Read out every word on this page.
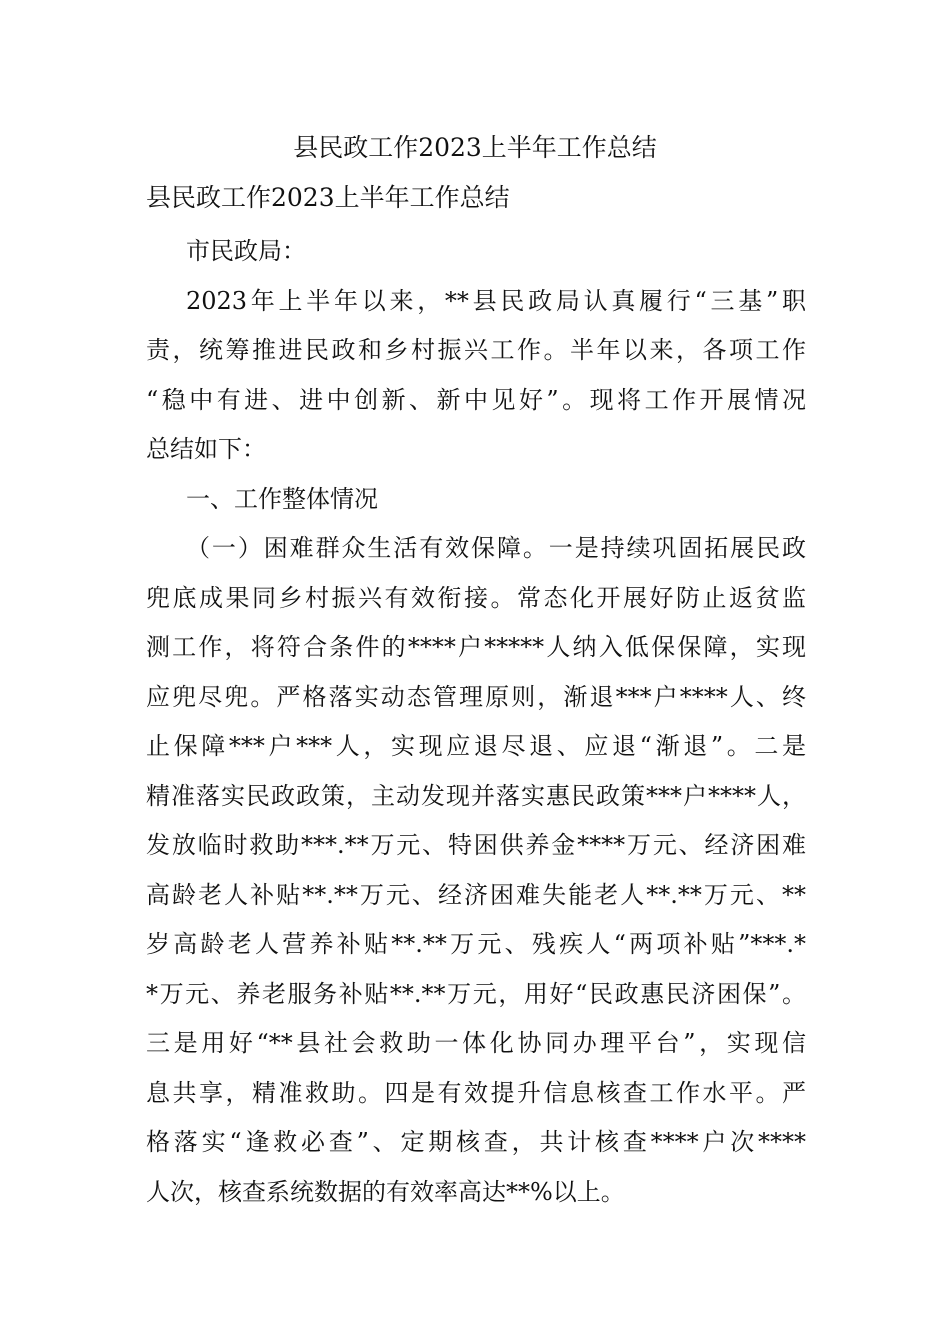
县民政工作2023上半年工作总结
县民政工作2023上半年工作总结
市民政局：
2023年上半年以来，**县民政局认真履行“三基”职
责，统筹推进民政和乡村振兴工作。半年以来，各项工作
“稳中有进、进中创新、新中见好”。现将工作开展情况
总结如下：
一、工作整体情况
（一）困难群众生活有效保障。一是持续巩固拓展民政
兜底成果同乡村振兴有效衔接。常态化开展好防止返贫监
测工作，将符合条件的****户*****人纳入低保保障，实现
应兜尽兜。严格落实动态管理原则，渐退***户****人、终
止保障***户***人，实现应退尽退、应退“渐退”。二是
精准落实民政政策，主动发现并落实惠民政策***户****人，
发放临时救助***.**万元、特困供养金****万元、经济困难
高龄老人补贴**.**万元、经济困难失能老人**.**万元、**
岁高龄老人营养补贴**.**万元、残疾人“两项补贴”***.*
*万元、养老服务补贴**.**万元，用好“民政惠民济困保”。
三是用好“**县社会救助一体化协同办理平台”，实现信
息共享，精准救助。四是有效提升信息核查工作水平。严
格落实“逢救必查”、定期核查，共计核查****户次****
人次，核查系统数据的有效率高达**%以上。
